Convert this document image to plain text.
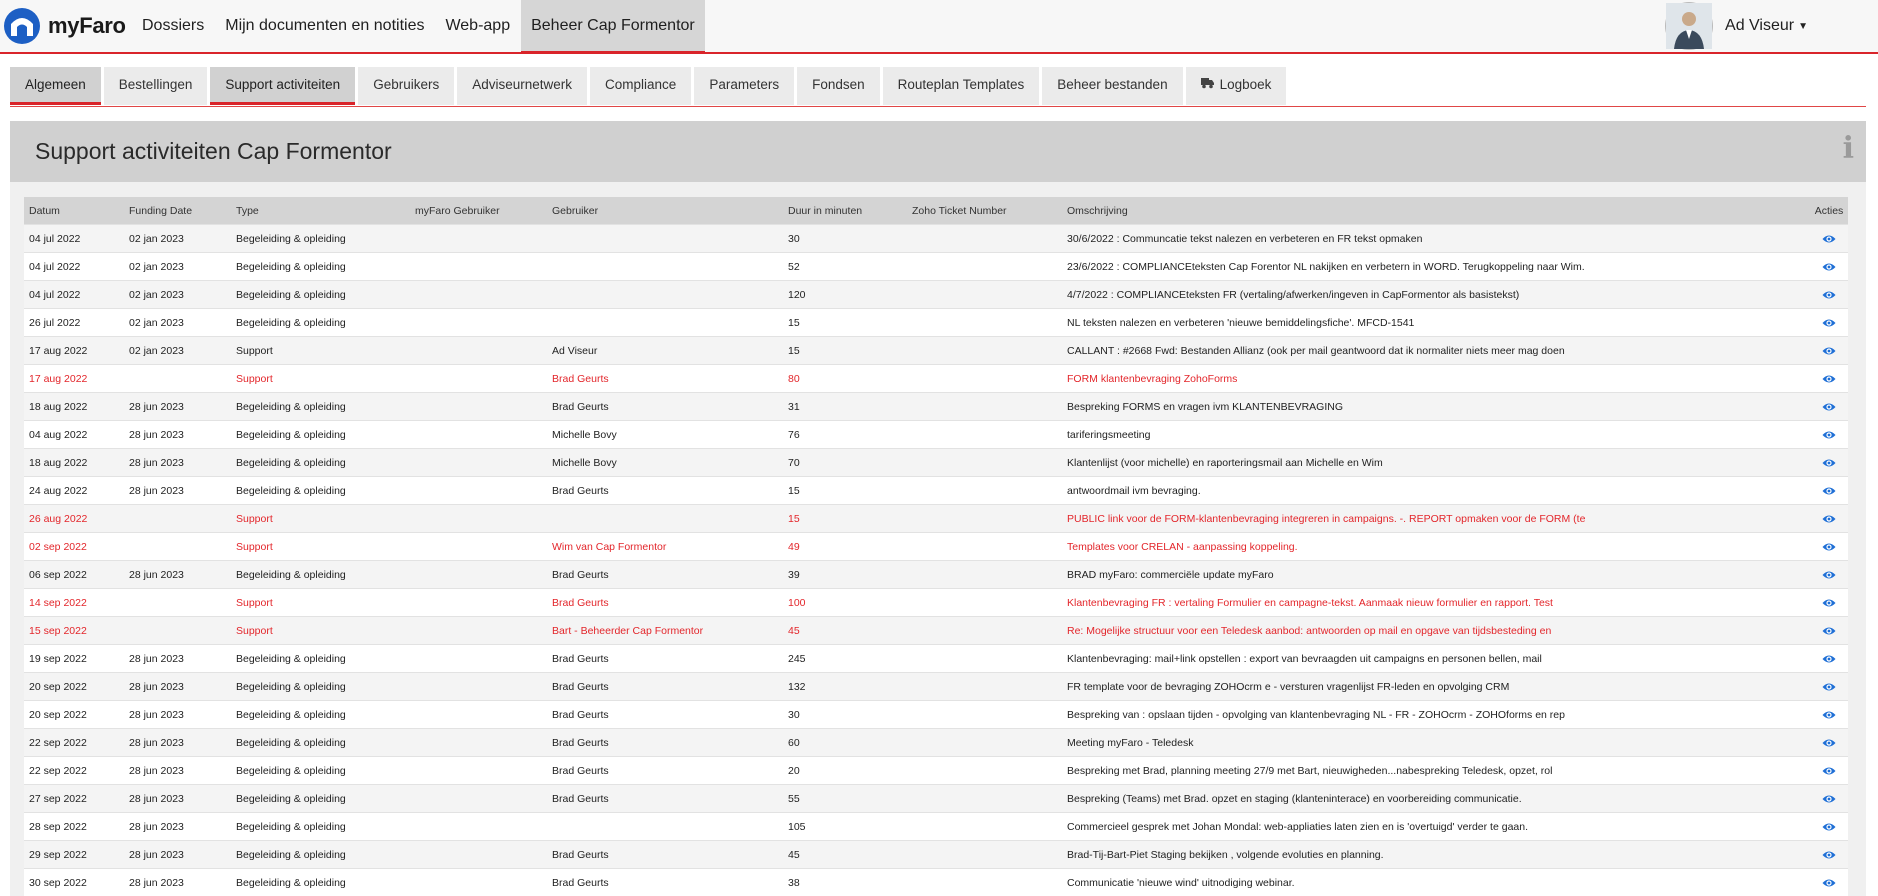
myFaro	Dossiers	Mijn documenten en notities	Web-app	Beheer Cap Formentor	Ad Viseur ▼
Algemeen	Bestellingen	Support activiteiten	Gebruikers	Adviseurnetwerk	Compliance	Parameters	Fondsen	Routeplan Templates	Beheer bestanden	Logboek
Support activiteiten Cap Formentor	i
Datum	Funding Date	Type	myFaro Gebruiker	Gebruiker	Duur in minuten	Zoho Ticket Number	Omschrijving	Acties
04 jul 2022	02 jan 2023	Begeleiding & opleiding			30		30/6/2022 : Communcatie tekst nalezen en verbeteren en FR tekst opmaken	
04 jul 2022	02 jan 2023	Begeleiding & opleiding			52		23/6/2022 : COMPLIANCEteksten Cap Forentor NL nakijken en verbetern in WORD. Terugkoppeling naar Wim.	
04 jul 2022	02 jan 2023	Begeleiding & opleiding			120		4/7/2022 : COMPLIANCEteksten FR (vertaling/afwerken/ingeven in CapFormentor als basistekst)	
26 jul 2022	02 jan 2023	Begeleiding & opleiding			15		NL teksten nalezen en verbeteren 'nieuwe bemiddelingsfiche'. MFCD-1541	
17 aug 2022	02 jan 2023	Support		Ad Viseur	15		CALLANT : #2668 Fwd: Bestanden Allianz (ook per mail geantwoord dat ik normaliter niets meer mag doen	
17 aug 2022		Support		Brad Geurts	80		FORM klantenbevraging ZohoForms	
18 aug 2022	28 jun 2023	Begeleiding & opleiding		Brad Geurts	31		Bespreking FORMS en vragen ivm KLANTENBEVRAGING	
04 aug 2022	28 jun 2023	Begeleiding & opleiding		Michelle Bovy	76		tariferingsmeeting	
18 aug 2022	28 jun 2023	Begeleiding & opleiding		Michelle Bovy	70		Klantenlijst (voor michelle) en raporteringsmail aan Michelle en Wim	
24 aug 2022	28 jun 2023	Begeleiding & opleiding		Brad Geurts	15		antwoordmail ivm bevraging.	
26 aug 2022		Support			15		PUBLIC link voor de FORM-klantenbevraging integreren in campaigns. -. REPORT opmaken voor de FORM (te	
02 sep 2022		Support		Wim van Cap Formentor	49		Templates voor CRELAN - aanpassing koppeling.	
06 sep 2022	28 jun 2023	Begeleiding & opleiding		Brad Geurts	39		BRAD myFaro: commerciële update myFaro	
14 sep 2022		Support		Brad Geurts	100		Klantenbevraging FR : vertaling Formulier en campagne-tekst. Aanmaak nieuw formulier en rapport. Test	
15 sep 2022		Support		Bart - Beheerder Cap Formentor	45		Re: Mogelijke structuur voor een Teledesk aanbod: antwoorden op mail en opgave van tijdsbesteding en	
19 sep 2022	28 jun 2023	Begeleiding & opleiding		Brad Geurts	245		Klantenbevraging: mail+link opstellen : export van bevraagden uit campaigns en personen bellen, mail	
20 sep 2022	28 jun 2023	Begeleiding & opleiding		Brad Geurts	132		FR template voor de bevraging ZOHOcrm e - versturen vragenlijst FR-leden en opvolging CRM	
20 sep 2022	28 jun 2023	Begeleiding & opleiding		Brad Geurts	30		Bespreking van : opslaan tijden - opvolging van klantenbevraging NL - FR - ZOHOcrm - ZOHOforms en rep	
22 sep 2022	28 jun 2023	Begeleiding & opleiding		Brad Geurts	60		Meeting myFaro - Teledesk	
22 sep 2022	28 jun 2023	Begeleiding & opleiding		Brad Geurts	20		Bespreking met Brad, planning meeting 27/9 met Bart, nieuwigheden...nabespreking Teledesk, opzet, rol	
27 sep 2022	28 jun 2023	Begeleiding & opleiding		Brad Geurts	55		Bespreking (Teams) met Brad. opzet en staging (klanteninterace) en voorbereiding communicatie.	
28 sep 2022	28 jun 2023	Begeleiding & opleiding			105		Commercieel gesprek met Johan Mondal: web-appliaties laten zien en is 'overtuigd' verder te gaan.	
29 sep 2022	28 jun 2023	Begeleiding & opleiding		Brad Geurts	45		Brad-Tij-Bart-Piet Staging bekijken , volgende evoluties en planning.	
30 sep 2022	28 jun 2023	Begeleiding & opleiding		Brad Geurts	38		Communicatie 'nieuwe wind' uitnodiging webinar.	
